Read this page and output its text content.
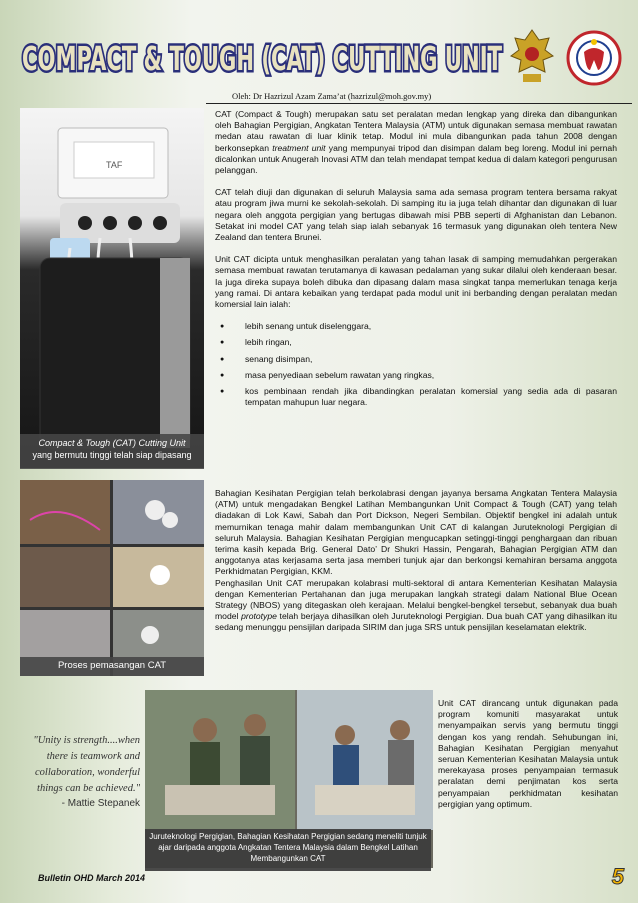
COMPACT & TOUGH (CAT) CUTTING UNIT
COMPACT & TOUGH (CAT) CUTTING UNIT
Oleh: Dr Hazrizul Azam Zama’at (hazrizul@moh.gov.my)
TAF
Compact & Tough (CAT) Cutting Unit
yang bermutu tinggi telah siap dipasang
Proses pemasangan CAT
Juruteknologi Pergigian, Bahagian Kesihatan Pergigian sedang meneliti tunjuk ajar daripada anggota Angkatan Tentera Malaysia dalam Bengkel Latihan Membangunkan CAT

CAT (Compact & Tough) merupakan satu set peralatan medan lengkap yang direka dan dibangunkan oleh Bahagian Pergigian, Angkatan Tentera Malaysia (ATM) untuk digunakan semasa membuat rawatan medan atau rawatan di luar klinik tetap. Modul ini mula dibangunkan pada tahun 2008 dengan berkonsepkan treatment unit yang mempunyai tripod dan disimpan dalam beg loreng. Modul ini pernah dicalonkan untuk Anugerah Inovasi ATM dan telah mendapat tempat kedua di dalam kategori pengurusan pelanggan.

CAT telah diuji dan digunakan di seluruh Malaysia sama ada semasa program tentera bersama rakyat atau program jiwa murni ke sekolah-sekolah. Di samping itu ia juga telah dihantar dan digunakan di luar negara oleh anggota pergigian yang bertugas dibawah misi PBB seperti di Afghanistan dan Lebanon. Setakat ini model CAT yang telah siap ialah sebanyak 16 termasuk yang digunakan oleh tentera New Zealand dan tentera Brunei.

Unit CAT dicipta untuk menghasilkan peralatan yang tahan lasak di samping memudahkan pergerakan semasa membuat rawatan terutamanya di kawasan pedalaman yang sukar dilalui oleh kenderaan besar. Ia juga direka supaya boleh dibuka dan dipasang dalam masa singkat tanpa memerlukan tenaga kerja yang ramai. Di antara kebaikan yang terdapat pada modul unit ini berbanding dengan peralatan medan komersial lain ialah:

● lebih senang untuk diselenggara,
● lebih ringan,
● senang disimpan,
● masa penyediaan sebelum rawatan yang ringkas,
● kos pembinaan rendah jika dibandingkan peralatan komersial yang sedia ada di pasaran tempatan mahupun luar negara.

Bahagian Kesihatan Pergigian telah berkolabrasi dengan jayanya bersama Angkatan Tentera Malaysia (ATM) untuk mengadakan Bengkel Latihan Membangunkan Unit Compact & Tough (CAT) yang telah diadakan di Lok Kawi, Sabah dan Port Dickson, Negeri Sembilan. Objektif bengkel ini adalah untuk memurnikan tenaga mahir dalam membangunkan Unit CAT di kalangan Juruteknologi Pergigian di seluruh Malaysia. Bahagian Kesihatan Pergigian mengucapkan setinggi-tinggi penghargaan dan ribuan terima kasih kepada Brig. General Dato’ Dr Shukri Hassin, Pengarah, Bahagian Pergigian ATM dan anggotanya atas kerjasama serta jasa memberi tunjuk ajar dan berkongsi kemahiran bersama anggota Perkhidmatan Pergigian, KKM.

Penghasilan Unit CAT merupakan kolabrasi multi-sektoral di antara Kementerian Kesihatan Malaysia dengan Kementerian Pertahanan dan juga merupakan langkah strategi dalam National Blue Ocean Strategy (NBOS) yang ditegaskan oleh kerajaan. Melalui bengkel-bengkel tersebut, sebanyak dua buah model prototype telah berjaya dihasilkan oleh Juruteknologi Pergigian. Dua buah CAT yang dihasilkan itu sedang menunggu pensijilan daripada SIRIM dan juga SRS untuk pensijilan keselamatan elektrik.

Unit CAT dirancang untuk digunakan pada program komuniti masyarakat untuk menyampaikan servis yang bermutu tinggi dengan kos yang rendah. Sehubungan ini, Bahagian Kesihatan Pergigian menyahut seruan Kementerian Kesihatan Malaysia untuk merekayasa proses penyampaian termasuk peralatan demi penjimatan kos serta penyampaian perkhidmatan kesihatan pergigian yang optimum.
"Unity is strength....when there is teamwork and collaboration, wonderful things can be achieved."
- Mattie Stepanek
Bulletin OHD March 2014	5
